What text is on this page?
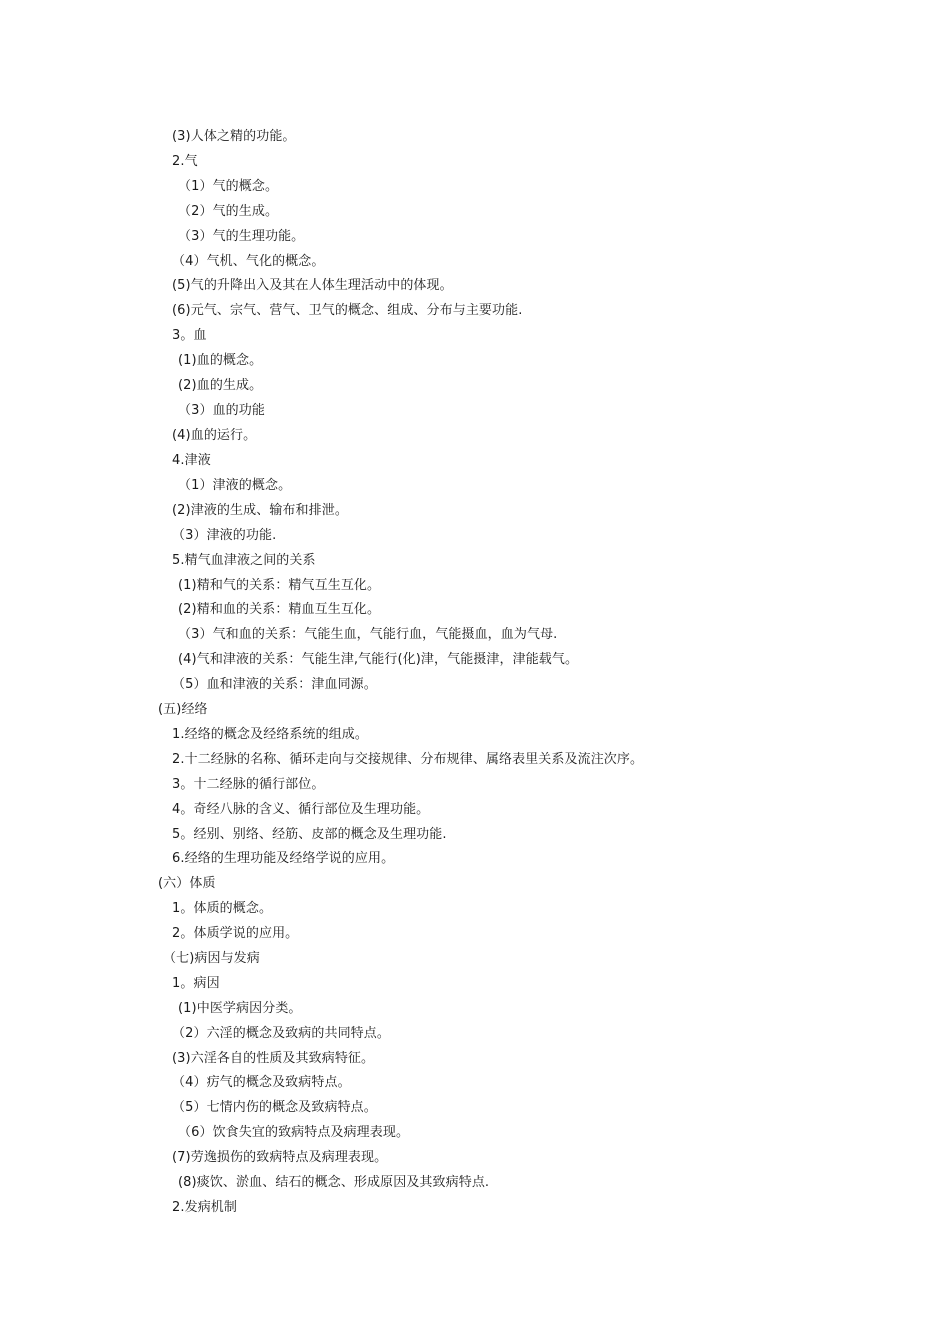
(3)人体之精的功能。
2.气
（1）气的概念。
（2）气的生成。
（3）气的生理功能。
（4）气机、气化的概念。
(5)气的升降出入及其在人体生理活动中的体现。
(6)元气、宗气、营气、卫气的概念、组成、分布与主要功能.
3。血
(1)血的概念。
(2)血的生成。
（3）血的功能
(4)血的运行。
4.津液
（1）津液的概念。
(2)津液的生成、输布和排泄。
（3）津液的功能.
5.精气血津液之间的关系
(1)精和气的关系：精气互生互化。
(2)精和血的关系：精血互生互化。
（3）气和血的关系：气能生血，气能行血，气能摄血，血为气母.
(4)气和津液的关系：气能生津,气能行(化)津，气能摄津，津能载气。
（5）血和津液的关系：津血同源。
(五)经络
1.经络的概念及经络系统的组成。
2.十二经脉的名称、循环走向与交接规律、分布规律、属络表里关系及流注次序。
3。十二经脉的循行部位。
4。奇经八脉的含义、循行部位及生理功能。
5。经别、别络、经筋、皮部的概念及生理功能.
6.经络的生理功能及经络学说的应用。
(六）体质
1。体质的概念。
2。体质学说的应用。
（七)病因与发病
1。病因
(1)中医学病因分类。
（2）六淫的概念及致病的共同特点。
(3)六淫各自的性质及其致病特征。
（4）疠气的概念及致病特点。
（5）七情内伤的概念及致病特点。
（6）饮食失宜的致病特点及病理表现。
(7)劳逸损伤的致病特点及病理表现。
(8)痰饮、淤血、结石的概念、形成原因及其致病特点.
2.发病机制
